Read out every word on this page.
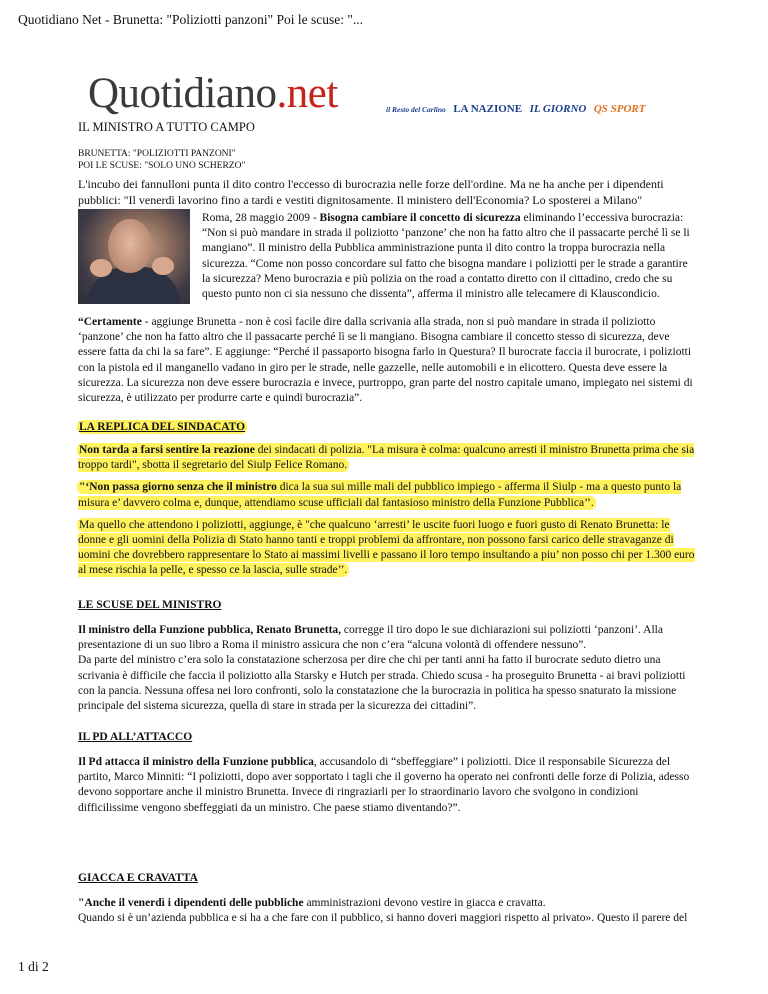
Quotidiano Net - Brunetta: "Poliziotti panzoni" Poi le scuse: "...
Quotidiano.net	il Resto del Carlino LA NAZIONE IL GIORNO QS SPORT
IL MINISTRO A TUTTO CAMPO
BRUNETTA: "POLIZIOTTI PANZONI"
POI LE SCUSE: "SOLO UNO SCHERZO"
L'incubo dei fannulloni punta il dito contro l'eccesso di burocrazia nelle forze dell'ordine. Ma ne ha anche per i dipendenti pubblici: "Il venerdì lavorino fino a tardi e vestiti dignitosamente. Il ministero dell'Economia? Lo sposterei a Milano"
Roma, 28 maggio 2009 - Bisogna cambiare il concetto di sicurezza eliminando l’eccessiva burocrazia: “Non si può mandare in strada il poliziotto ‘panzone’ che non ha fatto altro che il passacarte perché lì se li mangiano”. Il ministro della Pubblica amministrazione punta il dito contro la troppa burocrazia nella sicurezza. “Come non posso concordare sul fatto che bisogna mandare i poliziotti per le strade a garantire la sicurezza? Meno burocrazia e più polizia on the road a contatto diretto con il cittadino, credo che su questo punto non ci sia nessuno che dissenta”, afferma il ministro alle telecamere di Klauscondicio.
“Certamente - aggiunge Brunetta - non è così facile dire dalla scrivania alla strada, non si può mandare in strada il poliziotto ‘panzone’ che non ha fatto altro che il passacarte perché lì se li mangiano. Bisogna cambiare il concetto stesso di sicurezza, deve essere fatta da chi la sa fare”. E aggiunge: “Perché il passaporto bisogna farlo in Questura? Il burocrate faccia il burocrate, i poliziotti con la pistola ed il manganello vadano in giro per le strade, nelle gazzelle, nelle automobili e in elicottero. Questa deve essere la sicurezza. La sicurezza non deve essere burocrazia e invece, purtroppo, gran parte del nostro capitale umano, impiegato nei sistemi di sicurezza, è utilizzato per produrre carte e quindi burocrazia”.
LA REPLICA DEL SINDACATO

Non tarda a farsi sentire la reazione dei sindacati di polizia. "La misura è colma: qualcuno arresti il ministro Brunetta prima che sia troppo tardi", sbotta il segretario del Siulp Felice Romano.

"‘Non passa giorno senza che il ministro dica la sua sui mille mali del pubblico impiego - afferma il Siulp - ma a questo punto la misura e’ davvero colma e, dunque, attendiamo scuse ufficiali dal fantasioso ministro della Funzione Pubblica’’.

Ma quello che attendono i poliziotti, aggiunge, è "che qualcuno ‘arresti’ le uscite fuori luogo e fuori gusto di Renato Brunetta: le donne e gli uomini della Polizia di Stato hanno tanti e troppi problemi da affrontare, non possono farsi carico delle stravaganze di uomini che dovrebbero rappresentare lo Stato ai massimi livelli e passano il loro tempo insultando a piu’ non posso chi per 1.300 euro al mese rischia la pelle, e spesso ce la lascia, sulle strade’’.

LE SCUSE DEL MINISTRO

Il ministro della Funzione pubblica, Renato Brunetta, corregge il tiro dopo le sue dichiarazioni sui poliziotti ‘panzoni’. Alla presentazione di un suo libro a Roma il ministro assicura che non c’era “alcuna volontà di offendere nessuno”.

Da parte del ministro c’era solo la constatazione scherzosa per dire che chi per tanti anni ha fatto il burocrate seduto dietro una scrivania è difficile che faccia il poliziotto alla Starsky e Hutch per strada. Chiedo scusa - ha proseguito Brunetta - ai bravi poliziotti con la pancia. Nessuna offesa nei loro confronti, solo la constatazione che la burocrazia in politica ha spesso snaturato la missione principale del sistema sicurezza, quella di stare in strada per la sicurezza dei cittadini”.

IL PD ALL’ATTACCO

Il Pd attacca il ministro della Funzione pubblica, accusandolo di “sbeffeggiare” i poliziotti. Dice il responsabile Sicurezza del partito, Marco Minniti: “I poliziotti, dopo aver sopportato i tagli che il governo ha operato nei confronti delle forze di Polizia, adesso devono sopportare anche il ministro Brunetta. Invece di ringraziarli per lo straordinario lavoro che svolgono in condizioni difficilissime vengono sbeffeggiati da un ministro. Che paese stiamo diventando?”.

GIACCA E CRAVATTA

"Anche il venerdì i dipendenti delle pubbliche amministrazioni devono vestire in giacca e cravatta.

Quando si è un’azienda pubblica e si ha a che fare con il pubblico, si hanno doveri maggiori rispetto al privato». Questo il parere del

1 di 2
